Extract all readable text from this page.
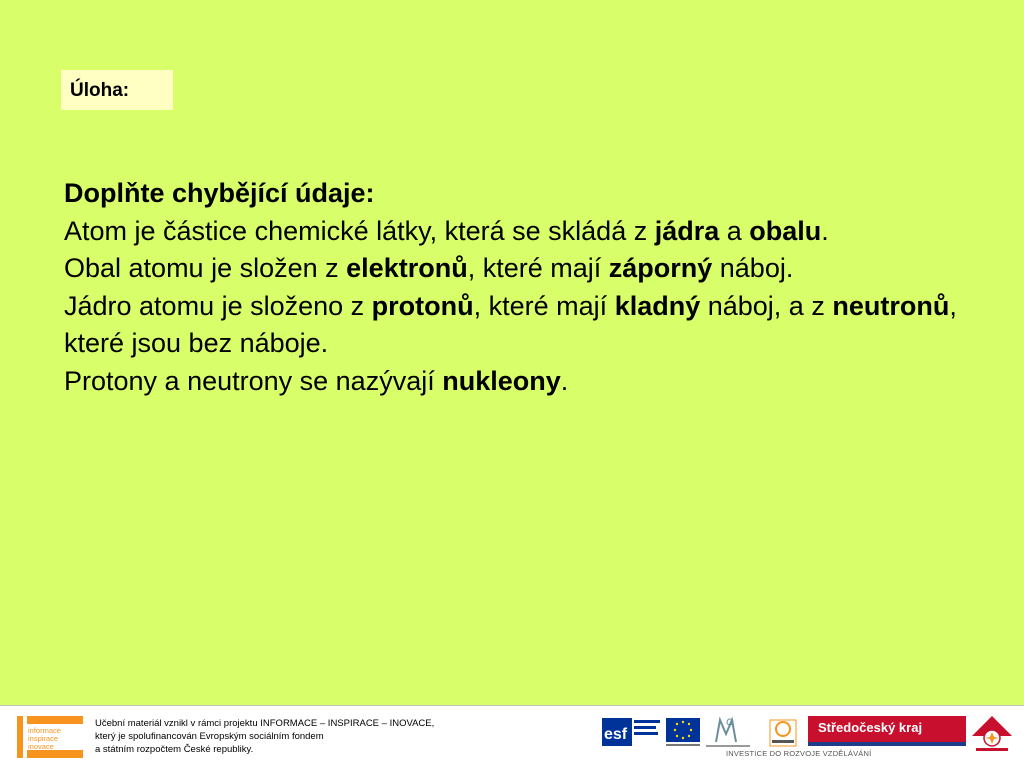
Úloha:

Doplňte chybějící údaje:

Atom je částice chemické látky, která se skládá z jádra a obalu.

Obal atomu je složen z elektronů, které mají záporný náboj.

Jádro atomu je složeno z protonů, které mají kladný náboj, a z neutronů, které jsou bez náboje.

Protony a neutrony se nazývají nukleony.

informace
inspirace
inovace
Učební materiál vznikl v rámci projektu INFORMACE – INSPIRACE – INOVACE,
který je spolufinancován Evropským sociálním fondem
a státním rozpočtem České republiky.
esf	Středočeský kraj
INVESTICE DO ROZVOJE VZDĚLÁVÁNÍ
